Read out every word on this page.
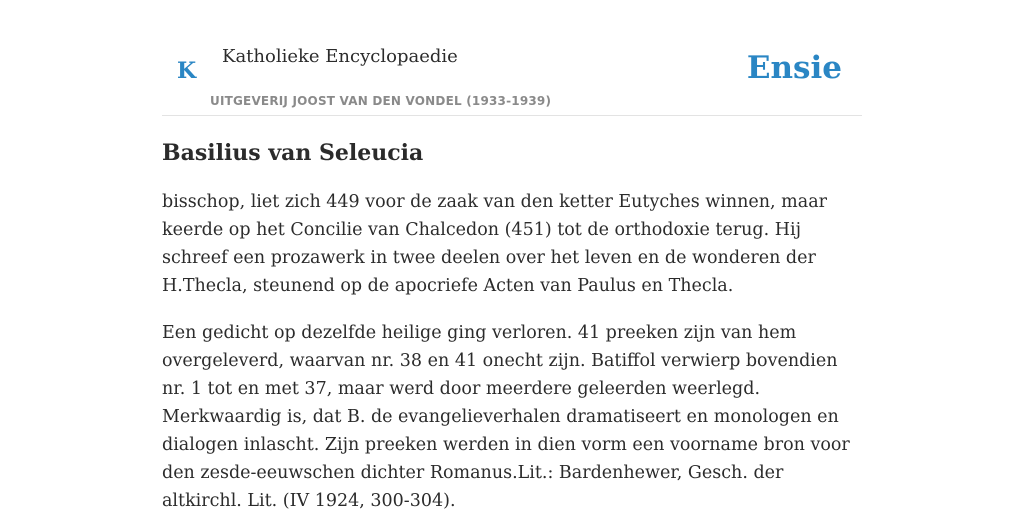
K
Katholieke Encyclopaedie
UITGEVERIJ JOOST VAN DEN VONDEL (1933-1939)
Ensie
Basilius van Seleucia

bisschop, liet zich 449 voor de zaak van den ketter Eutyches winnen, maar keerde op het Concilie van Chalcedon (451) tot de orthodoxie terug. Hij schreef een prozawerk in twee deelen over het leven en de wonderen der H.Thecla, steunend op de apocriefe Acten van Paulus en Thecla.

Een gedicht op dezelfde heilige ging verloren. 41 preeken zijn van hem overgeleverd, waarvan nr. 38 en 41 onecht zijn. Batiffol verwierp bovendien nr. 1 tot en met 37, maar werd door meerdere geleerden weerlegd. Merkwaardig is, dat B. de evangelieverhalen dramatiseert en monologen en dialogen inlascht. Zijn preeken werden in dien vorm een voorname bron voor den zesde-eeuwschen dichter Romanus.Lit.: Bardenhewer, Gesch. der altkirchl. Lit. (IV 1924, 300-304).
